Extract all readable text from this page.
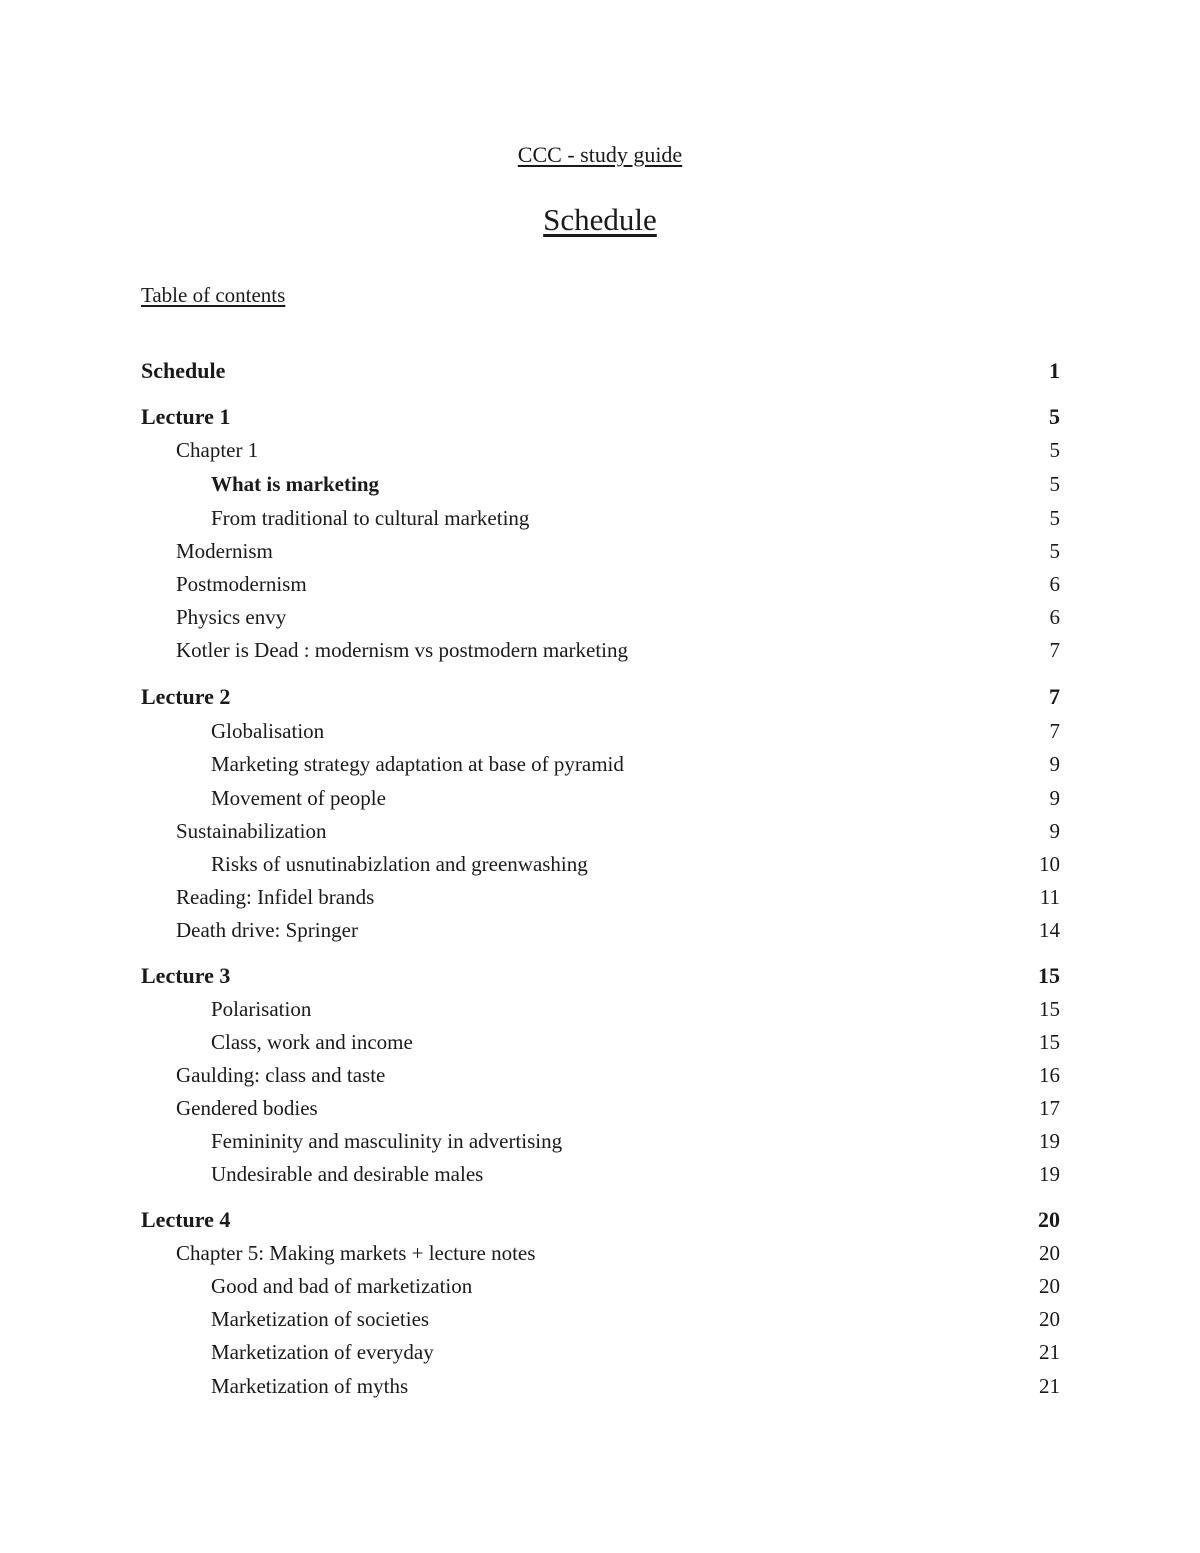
CCC - study guide
Schedule
Table of contents
Schedule	1
Lecture 1	5
Chapter 1	5
What is marketing	5
From traditional to cultural marketing	5
Modernism	5
Postmodernism	6
Physics envy	6
Kotler is Dead : modernism vs postmodern marketing	7
Lecture 2	7
Globalisation	7
Marketing strategy adaptation at base of pyramid	9
Movement of people	9
Sustainabilization	9
Risks of usnutinabizlation and greenwashing	10
Reading: Infidel brands	11
Death drive: Springer	14
Lecture 3	15
Polarisation	15
Class, work and income	15
Gaulding: class and taste	16
Gendered bodies	17
Femininity and masculinity in advertising	19
Undesirable and desirable males	19
Lecture 4	20
Chapter 5: Making markets + lecture notes	20
Good and bad of marketization	20
Marketization of societies	20
Marketization of everyday	21
Marketization of myths	21
